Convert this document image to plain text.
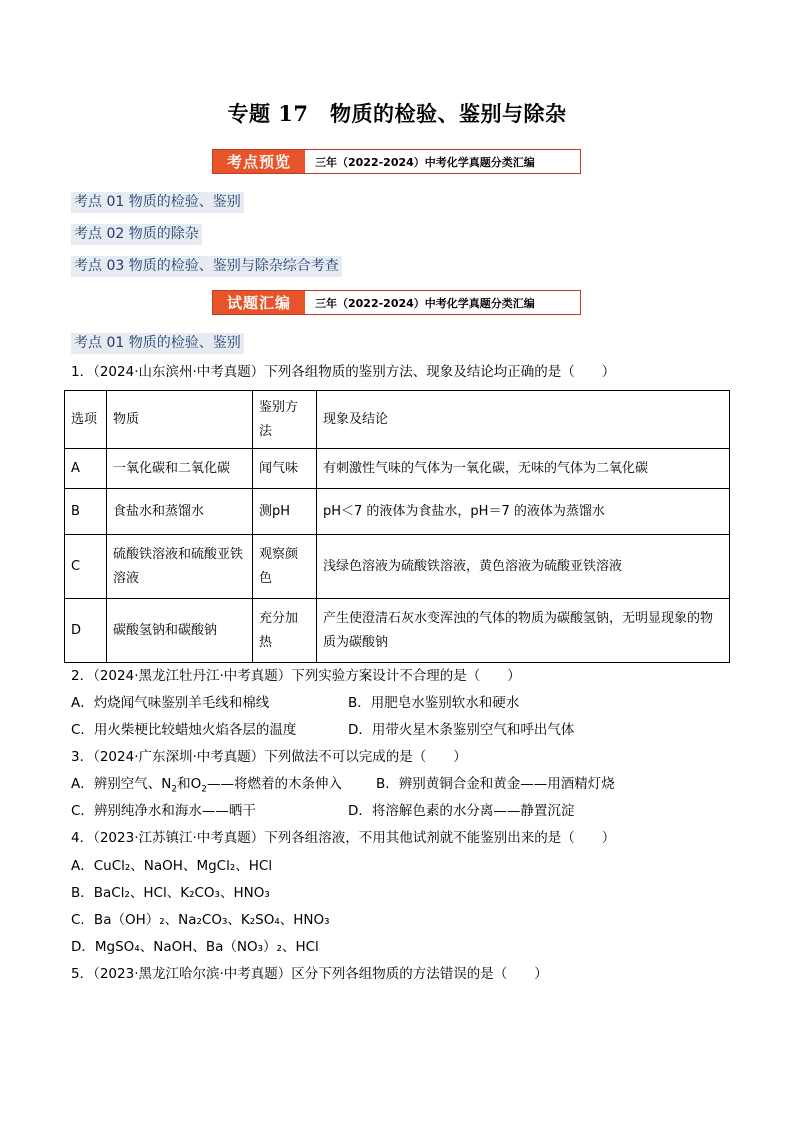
专题 17　物质的检验、鉴别与除杂
考点预览	三年（2022-2024）中考化学真题分类汇编
考点 01 物质的检验、鉴别
考点 02 物质的除杂
考点 03 物质的检验、鉴别与除杂综合考查
试题汇编	三年（2022-2024）中考化学真题分类汇编
考点 01 物质的检验、鉴别
1．（2024·山东滨州·中考真题）下列各组物质的鉴别方法、现象及结论均正确的是（　　）
选项	物质	鉴别方法	现象及结论
A	一氧化碳和二氧化碳	闻气味	有刺激性气味的气体为一氧化碳，无味的气体为二氧化碳
B	食盐水和蒸馏水	测pH	pH＜7 的液体为食盐水，pH＝7 的液体为蒸馏水
C	硫酸铁溶液和硫酸亚铁溶液	观察颜色	浅绿色溶液为硫酸铁溶液，黄色溶液为硫酸亚铁溶液
D	碳酸氢钠和碳酸钠	充分加热	产生使澄清石灰水变浑浊的气体的物质为碳酸氢钠，无明显现象的物质为碳酸钠
2．（2024·黑龙江牡丹江·中考真题）下列实验方案设计不合理的是（　　）
A．灼烧闻气味鉴别羊毛线和棉线	B．用肥皂水鉴别软水和硬水
C．用火柴梗比较蜡烛火焰各层的温度	D．用带火星木条鉴别空气和呼出气体
3．（2024·广东深圳·中考真题）下列做法不可以完成的是（　　）
A．辨别空气、$N_2$和$O_2——$将燃着的木条伸入	B．辨别黄铜合金和黄金——用酒精灯烧
C．辨别纯净水和海水——晒干	D．将溶解色素的水分离——静置沉淀
4．（2023·江苏镇江·中考真题）下列各组溶液，不用其他试剂就不能鉴别出来的是（　　）
A．CuCl₂、NaOH、MgCl₂、HCl
B．BaCl₂、HCl、K₂CO₃、HNO₃
C．Ba（OH）₂、Na₂CO₃、K₂SO₄、HNO₃
D．MgSO₄、NaOH、Ba（NO₃）₂、HCl
5．（2023·黑龙江哈尔滨·中考真题）区分下列各组物质的方法错误的是（　　）
